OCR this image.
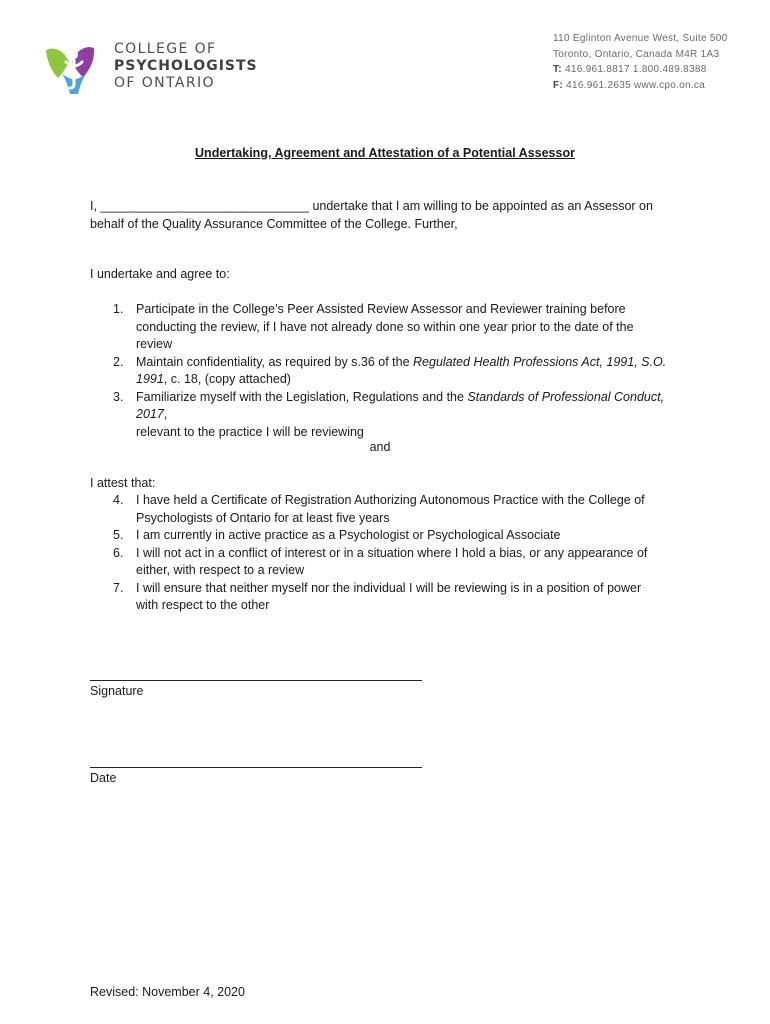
COLLEGE OF
PSYCHOLOGISTS
OF ONTARIO
110 Eglinton Avenue West, Suite 500
Toronto, Ontario, Canada M4R 1A3
T: 416.961.8817 1.800.489.8388
F: 416.961.2635 www.cpo.on.ca
Undertaking, Agreement and Attestation of a Potential Assessor
I, ______________________________ undertake that I am willing to be appointed as an Assessor on
behalf of the Quality Assurance Committee of the College. Further,
I undertake and agree to:
1. Participate in the College’s Peer Assisted Review Assessor and Reviewer training before
conducting the review, if I have not already done so within one year prior to the date of the
review
2. Maintain confidentiality, as required by s.36 of the Regulated Health Professions Act, 1991, S.O.
1991, c. 18, (copy attached)
3. Familiarize myself with the Legislation, Regulations and the Standards of Professional Conduct, 2017,
relevant to the practice I will be reviewing
and
I attest that:
4. I have held a Certificate of Registration Authorizing Autonomous Practice with the College of
Psychologists of Ontario for at least five years
5. I am currently in active practice as a Psychologist or Psychological Associate
6. I will not act in a conflict of interest or in a situation where I hold a bias, or any appearance of
either, with respect to a review
7. I will ensure that neither myself nor the individual I will be reviewing is in a position of power
with respect to the other
Signature
Date
Revised: November 4, 2020
